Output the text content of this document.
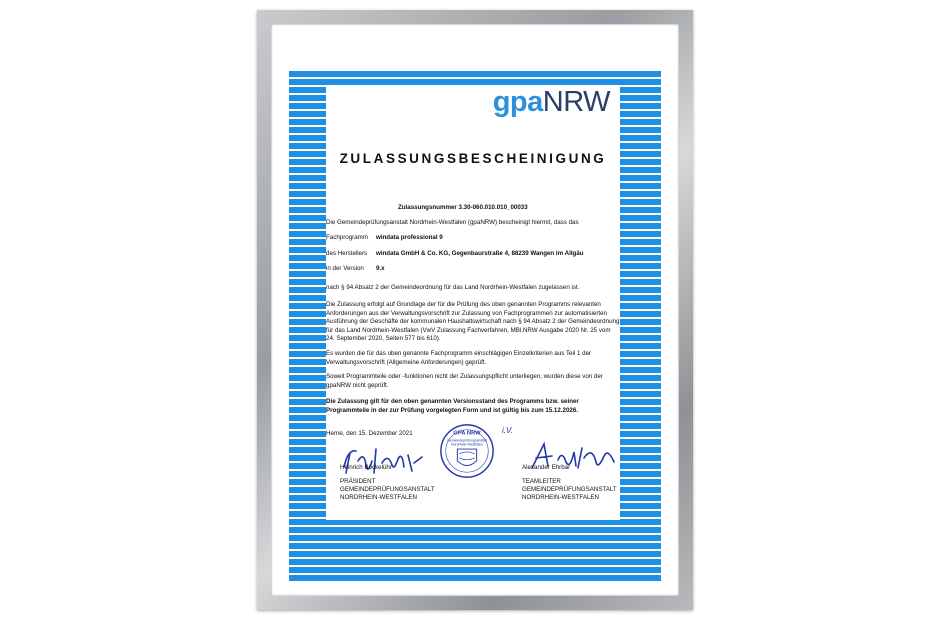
gpaNRW
ZULASSUNGSBESCHEINIGUNG
Zulassungsnummer 3.30-060.010.010_00033
Die Gemeindeprüfungsanstalt Nordrhein-Westfalen (gpaNRW) bescheinigt hiermit, dass das
Fachprogramm windata professional 9
des Herstellers windata GmbH & Co. KG, Gegenbaurstraße 4, 88239 Wangen im Allgäu
in der Version 9.x
nach § 94 Absatz 2 der Gemeindeordnung für das Land Nordrhein-Westfalen zugelassen ist.
Die Zulassung erfolgt auf Grundlage der für die Prüfung des oben genannten Programms relevanten Anforderungen aus der Verwaltungsvorschrift zur Zulassung von Fachprogrammen zur automatisierten Ausführung der Geschäfte der kommunalen Haushaltswirtschaft nach § 94 Absatz 2 der Gemeindeordnung für das Land Nordrhein-Westfalen (VwV Zulassung Fachverfahren, MBl.NRW Ausgabe 2020 Nr. 25 vom 24. September 2020, Seiten 577 bis 610).
Es wurden die für das oben genannte Fachprogramm einschlägigen Einzelkriterien aus Teil 1 der Verwaltungsvorschrift (Allgemeine Anforderungen) geprüft.
Soweit Programmteile oder -funktionen nicht der Zulassungspflicht unterliegen, wurden diese von der gpaNRW nicht geprüft.
Die Zulassung gilt für den oben genannten Versionsstand des Programms bzw. seiner Programmteile in der zur Prüfung vorgelegten Form und ist gültig bis zum 15.12.2026.
Herne, den 15. Dezember 2021	i.V.
GPA NRW
Gemeindeprüfungsanstalt
Nordrhein-Westfalen
Heinrich Böckelühr
PRÄSIDENT
GEMEINDEPRÜFUNGSANSTALT
NORDRHEIN-WESTFALEN
Alexander Ehrbar
TEAMLEITER
GEMEINDEPRÜFUNGSANSTALT
NORDRHEIN-WESTFALEN
